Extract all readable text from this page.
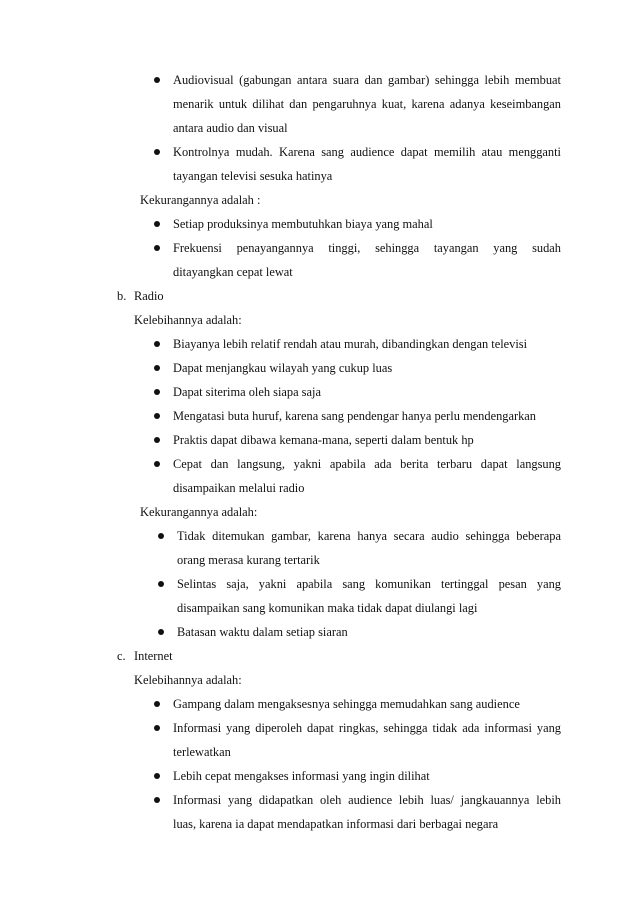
Audiovisual (gabungan antara suara dan gambar) sehingga lebih membuat
menarik untuk dilihat dan pengaruhnya kuat, karena adanya keseimbangan
antara audio dan visual
Kontrolnya mudah. Karena sang audience dapat memilih atau mengganti
tayangan televisi sesuka hatinya
Kekurangannya adalah :
Setiap produksinya membutuhkan biaya yang mahal
Frekuensi penayangannya tinggi, sehingga tayangan yang sudah
ditayangkan cepat lewat
b. Radio
Kelebihannya adalah:
Biayanya lebih relatif rendah atau murah, dibandingkan dengan televisi
Dapat menjangkau wilayah yang cukup luas
Dapat siterima oleh siapa saja
Mengatasi buta huruf, karena sang pendengar hanya perlu mendengarkan
Praktis dapat dibawa kemana-mana, seperti dalam bentuk hp
Cepat dan langsung, yakni apabila ada berita terbaru dapat langsung
disampaikan melalui radio
Kekurangannya adalah:
Tidak ditemukan gambar, karena hanya secara audio sehingga beberapa
orang merasa kurang tertarik
Selintas saja, yakni apabila sang komunikan tertinggal pesan yang
disampaikan sang komunikan maka tidak dapat diulangi lagi
Batasan waktu dalam setiap siaran
c. Internet
Kelebihannya adalah:
Gampang dalam mengaksesnya sehingga memudahkan sang audience
Informasi yang diperoleh dapat ringkas, sehingga tidak ada informasi yang
terlewatkan
Lebih cepat mengakses informasi yang ingin dilihat
Informasi yang didapatkan oleh audience lebih luas/ jangkauannya lebih
luas, karena ia dapat mendapatkan informasi dari berbagai negara
